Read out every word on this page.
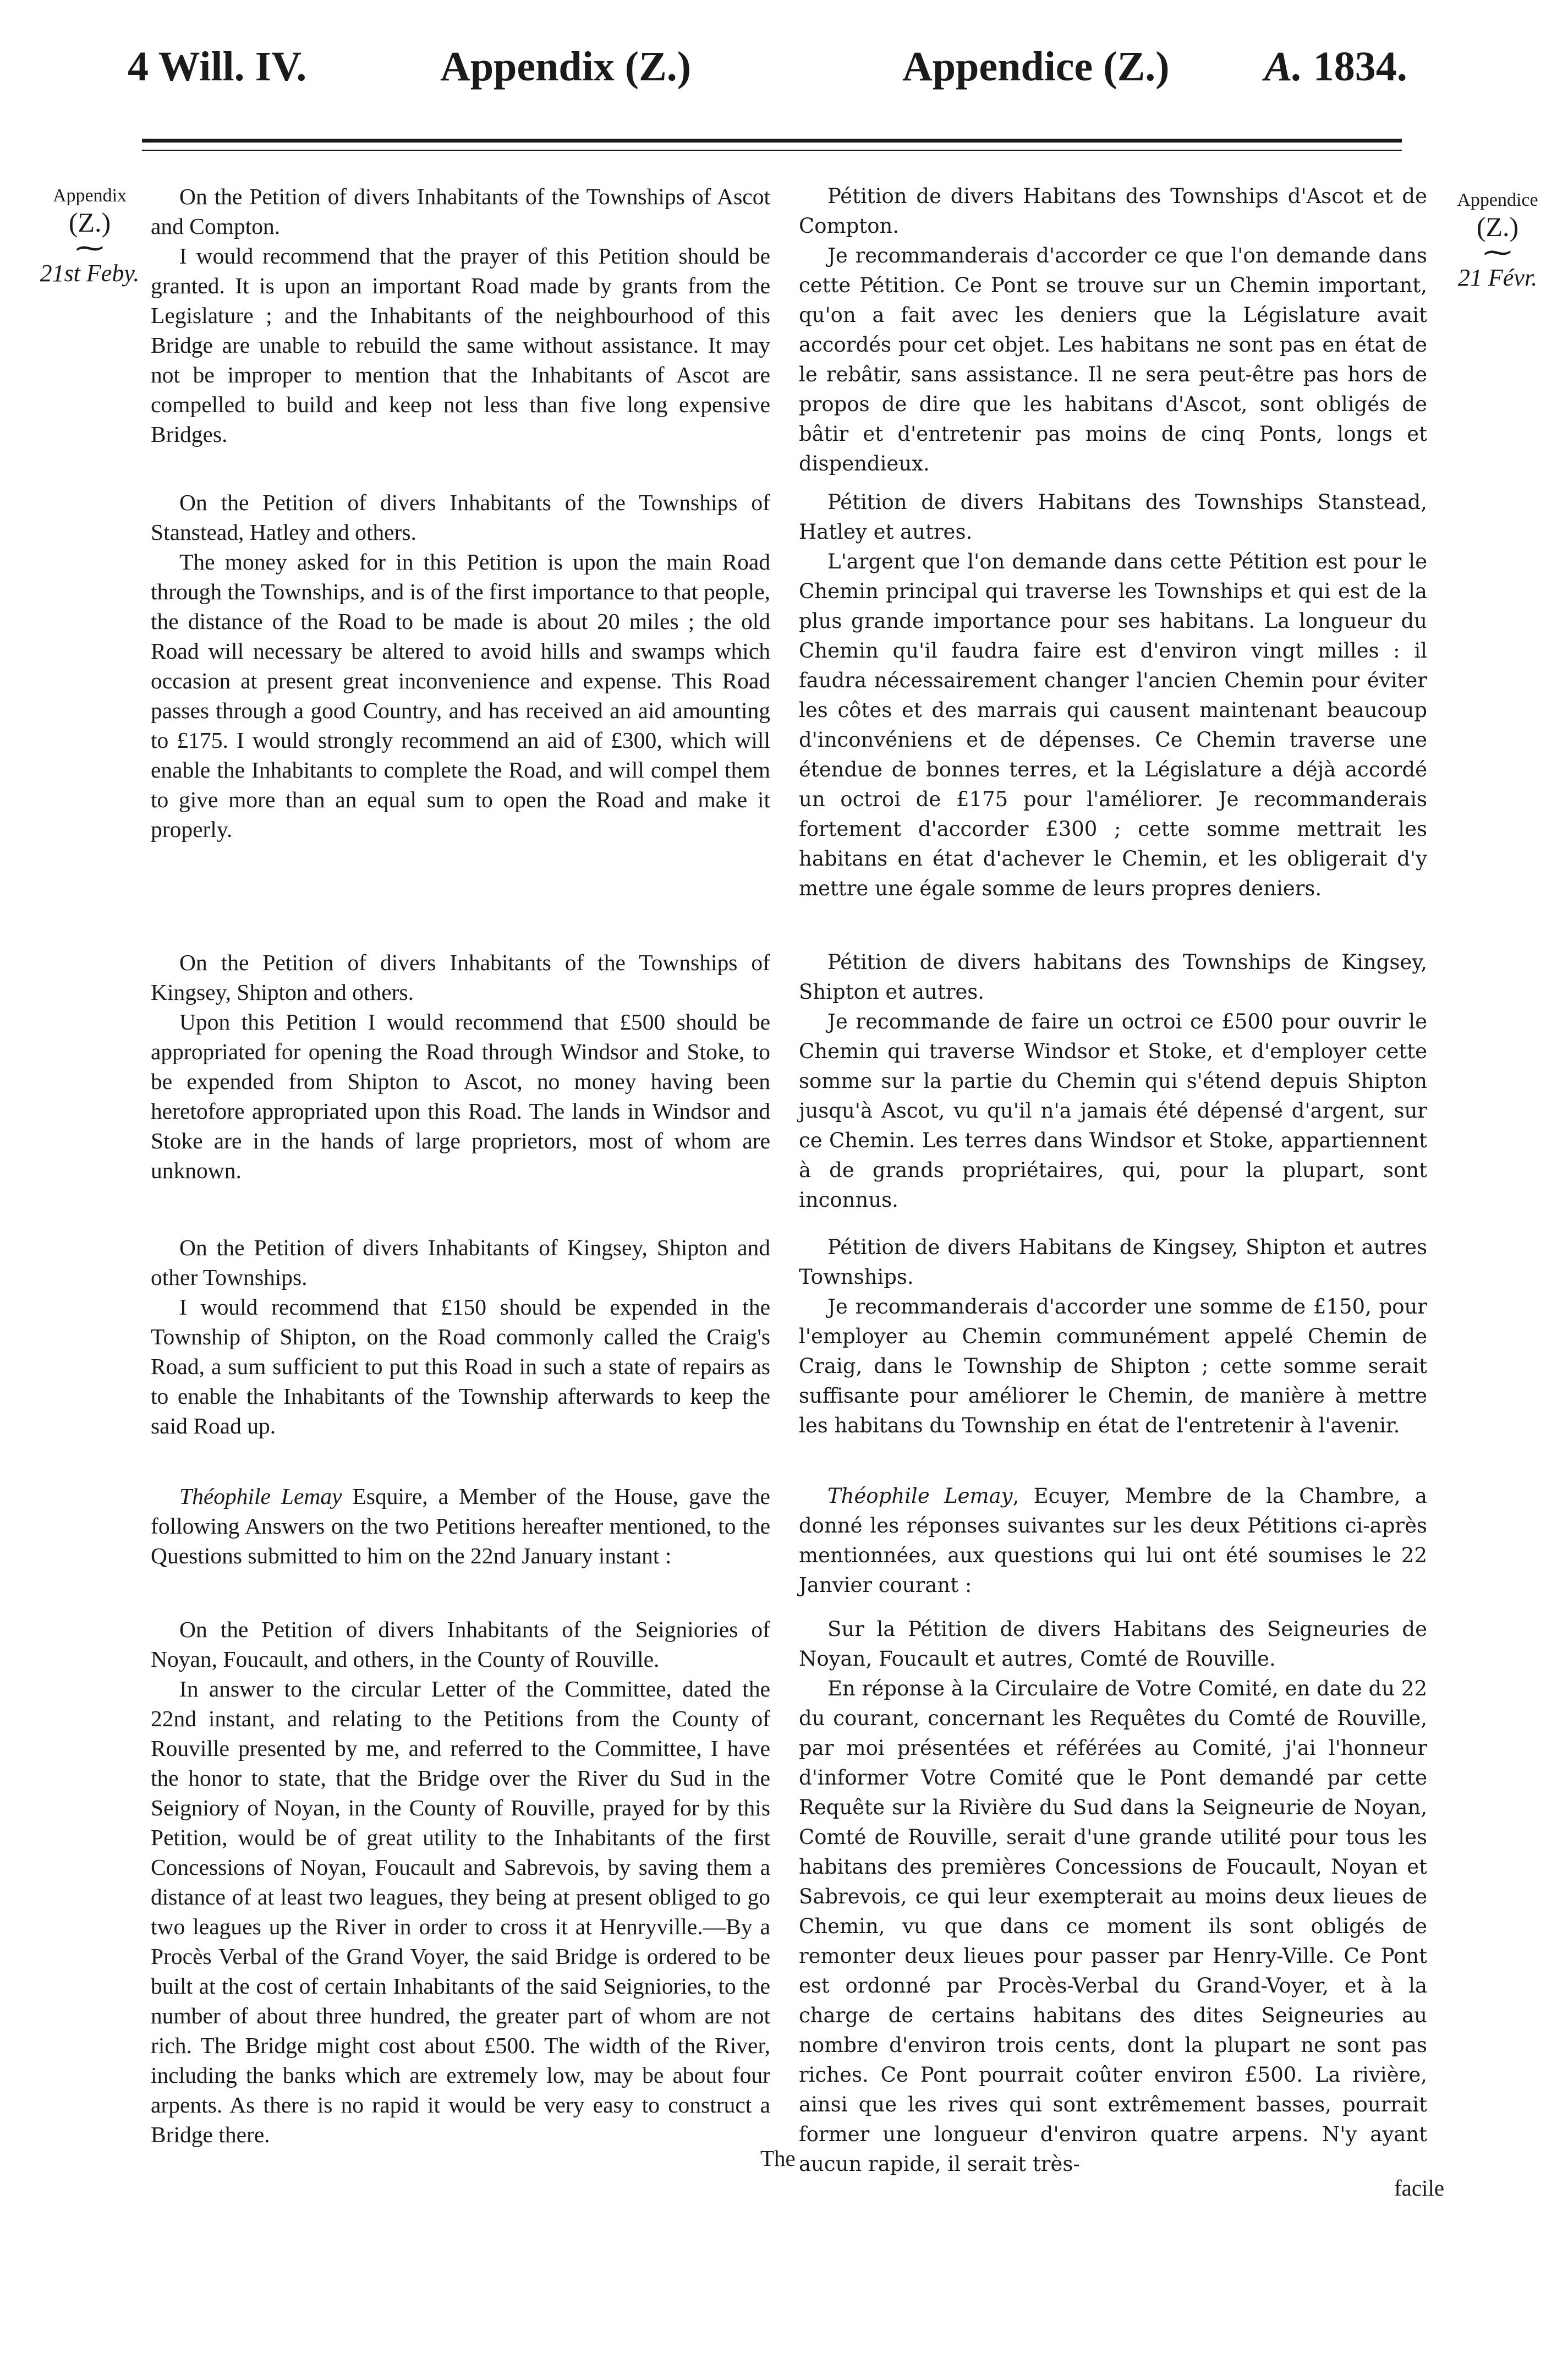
4 Will. IV.	Appendix (Z.)	Appendice (Z.) A. 1834.
Appendix
(Z.)
⁓
21st Feby.
Appendice
(Z.)
⁓
21 Févr.

On the Petition of divers Inhabitants of the Townships of Ascot and Compton.

I would recommend that the prayer of this Petition should be granted. It is upon an important Road made by grants from the Legislature ; and the Inhabitants of the neighbourhood of this Bridge are unable to rebuild the same without assistance. It may not be improper to mention that the Inhabitants of Ascot are compelled to build and keep not less than five long expensive Bridges.

On the Petition of divers Inhabitants of the Townships of Stanstead, Hatley and others.

The money asked for in this Petition is upon the main Road through the Townships, and is of the first importance to that people, the distance of the Road to be made is about 20 miles ; the old Road will necessary be altered to avoid hills and swamps which occasion at present great inconvenience and expense. This Road passes through a good Country, and has received an aid amounting to £175. I would strongly recommend an aid of £300, which will enable the Inhabitants to complete the Road, and will compel them to give more than an equal sum to open the Road and make it properly.

On the Petition of divers Inhabitants of the Townships of Kingsey, Shipton and others.

Upon this Petition I would recommend that £500 should be appropriated for opening the Road through Windsor and Stoke, to be expended from Shipton to Ascot, no money having been heretofore appropriated upon this Road. The lands in Windsor and Stoke are in the hands of large proprietors, most of whom are unknown.

On the Petition of divers Inhabitants of Kingsey, Shipton and other Townships.

I would recommend that £150 should be expended in the Township of Shipton, on the Road commonly called the Craig's Road, a sum sufficient to put this Road in such a state of repairs as to enable the Inhabitants of the Township afterwards to keep the said Road up.

Théophile Lemay Esquire, a Member of the House, gave the following Answers on the two Petitions hereafter mentioned, to the Questions submitted to him on the 22nd January instant :

On the Petition of divers Inhabitants of the Seigniories of Noyan, Foucault, and others, in the County of Rouville.

In answer to the circular Letter of the Committee, dated the 22nd instant, and relating to the Petitions from the County of Rouville presented by me, and referred to the Committee, I have the honor to state, that the Bridge over the River du Sud in the Seigniory of Noyan, in the County of Rouville, prayed for by this Petition, would be of great utility to the Inhabitants of the first Concessions of Noyan, Foucault and Sabrevois, by saving them a distance of at least two leagues, they being at present obliged to go two leagues up the River in order to cross it at Henryville.—By a Procès Verbal of the Grand Voyer, the said Bridge is ordered to be built at the cost of certain Inhabitants of the said Seigniories, to the number of about three hundred, the greater part of whom are not rich. The Bridge might cost about £500. The width of the River, including the banks which are extremely low, may be about four arpents. As there is no rapid it would be very easy to construct a Bridge there.

The

Pétition de divers Habitans des Townships d'Ascot et de Compton.

Je recommanderais d'accorder ce que l'on demande dans cette Pétition. Ce Pont se trouve sur un Chemin important, qu'on a fait avec les deniers que la Législature avait accordés pour cet objet. Les habitans ne sont pas en état de le rebâtir, sans assistance. Il ne sera peut-être pas hors de propos de dire que les habitans d'Ascot, sont obligés de bâtir et d'entretenir pas moins de cinq Ponts, longs et dispendieux.

Pétition de divers Habitans des Townships Stanstead, Hatley et autres.

L'argent que l'on demande dans cette Pétition est pour le Chemin principal qui traverse les Townships et qui est de la plus grande importance pour ses habitans. La longueur du Chemin qu'il faudra faire est d'environ vingt milles : il faudra nécessairement changer l'ancien Chemin pour éviter les côtes et des marrais qui causent maintenant beaucoup d'inconvéniens et de dépenses. Ce Chemin traverse une étendue de bonnes terres, et la Législature a déjà accordé un octroi de £175 pour l'améliorer. Je recommanderais fortement d'accorder £300 ; cette somme mettrait les habitans en état d'achever le Chemin, et les obligerait d'y mettre une égale somme de leurs propres deniers.

Pétition de divers habitans des Townships de Kingsey, Shipton et autres.

Je recommande de faire un octroi ce £500 pour ouvrir le Chemin qui traverse Windsor et Stoke, et d'employer cette somme sur la partie du Chemin qui s'étend depuis Shipton jusqu'à Ascot, vu qu'il n'a jamais été dépensé d'argent, sur ce Chemin. Les terres dans Windsor et Stoke, appartiennent à de grands propriétaires, qui, pour la plupart, sont inconnus.

Pétition de divers Habitans de Kingsey, Shipton et autres Townships.

Je recommanderais d'accorder une somme de £150, pour l'employer au Chemin communément appelé Chemin de Craig, dans le Township de Shipton ; cette somme serait suffisante pour améliorer le Chemin, de manière à mettre les habitans du Township en état de l'entretenir à l'avenir.

Théophile Lemay, Ecuyer, Membre de la Chambre, a donné les réponses suivantes sur les deux Pétitions ci-après mentionnées, aux questions qui lui ont été soumises le 22 Janvier courant :

Sur la Pétition de divers Habitans des Seigneuries de Noyan, Foucault et autres, Comté de Rouville.

En réponse à la Circulaire de Votre Comité, en date du 22 du courant, concernant les Requêtes du Comté de Rouville, par moi présentées et référées au Comité, j'ai l'honneur d'informer Votre Comité que le Pont demandé par cette Requête sur la Rivière du Sud dans la Seigneurie de Noyan, Comté de Rouville, serait d'une grande utilité pour tous les habitans des premières Concessions de Foucault, Noyan et Sabrevois, ce qui leur exempterait au moins deux lieues de Chemin, vu que dans ce moment ils sont obligés de remonter deux lieues pour passer par Henry-Ville. Ce Pont est ordonné par Procès-Verbal du Grand-Voyer, et à la charge de certains habitans des dites Seigneuries au nombre d'environ trois cents, dont la plupart ne sont pas riches. Ce Pont pourrait coûter environ £500. La rivière, ainsi que les rives qui sont extrêmement basses, pourrait former une longueur d'environ quatre arpens. N'y ayant aucun rapide, il serait très-

facile
